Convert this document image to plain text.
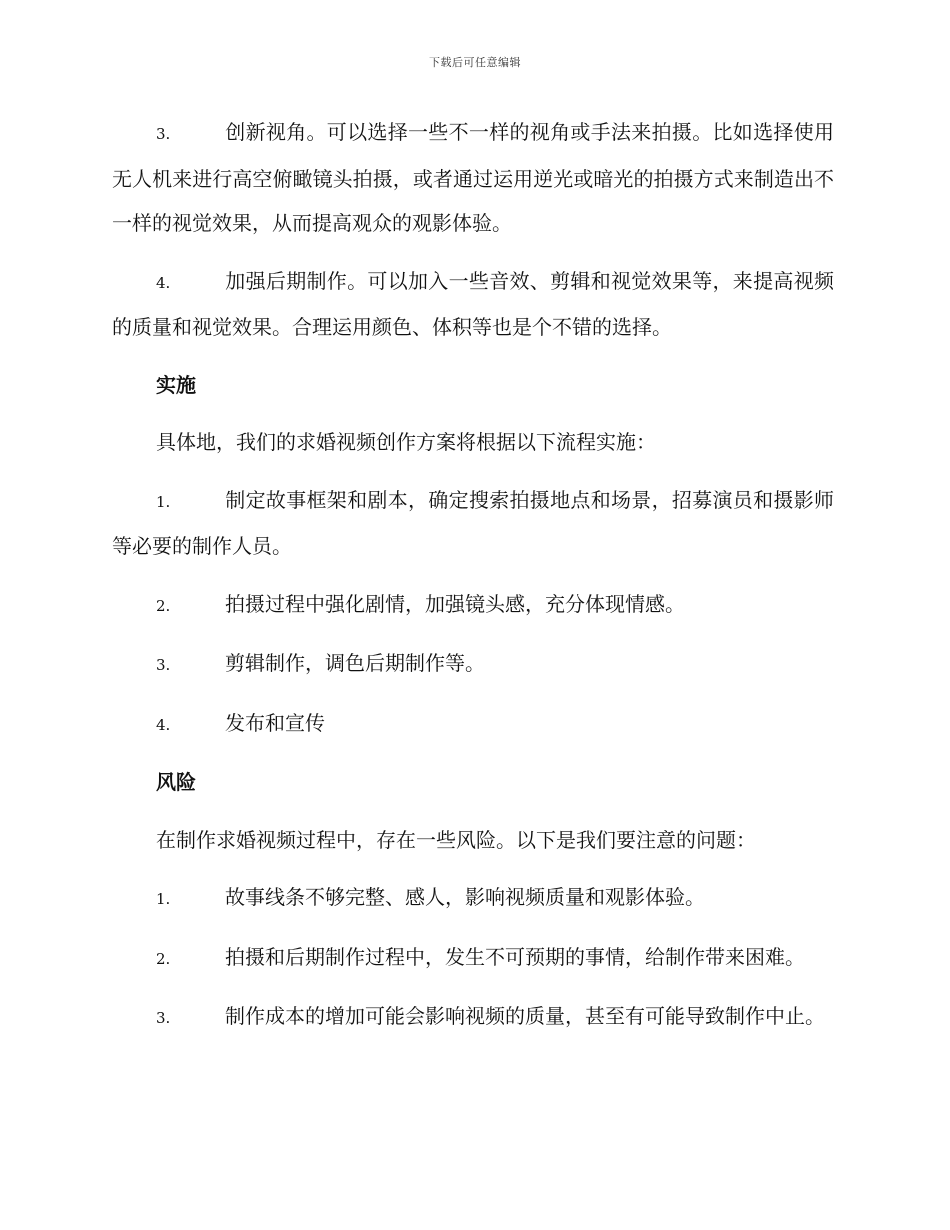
下载后可任意编辑

3.	创新视角。可以选择一些不一样的视角或手法来拍摄。比如选择使用无人机来进行高空俯瞰镜头拍摄，或者通过运用逆光或暗光的拍摄方式来制造出不一样的视觉效果，从而提高观众的观影体验。

4.	加强后期制作。可以加入一些音效、剪辑和视觉效果等，来提高视频的质量和视觉效果。合理运用颜色、体积等也是个不错的选择。

实施

具体地，我们的求婚视频创作方案将根据以下流程实施：

1.	制定故事框架和剧本，确定搜索拍摄地点和场景，招募演员和摄影师等必要的制作人员。

2.	拍摄过程中强化剧情，加强镜头感，充分体现情感。

3.	剪辑制作，调色后期制作等。

4.	发布和宣传

风险

在制作求婚视频过程中，存在一些风险。以下是我们要注意的问题：

1.	故事线条不够完整、感人，影响视频质量和观影体验。

2.	拍摄和后期制作过程中，发生不可预期的事情，给制作带来困难。

3.	制作成本的增加可能会影响视频的质量，甚至有可能导致制作中止。
